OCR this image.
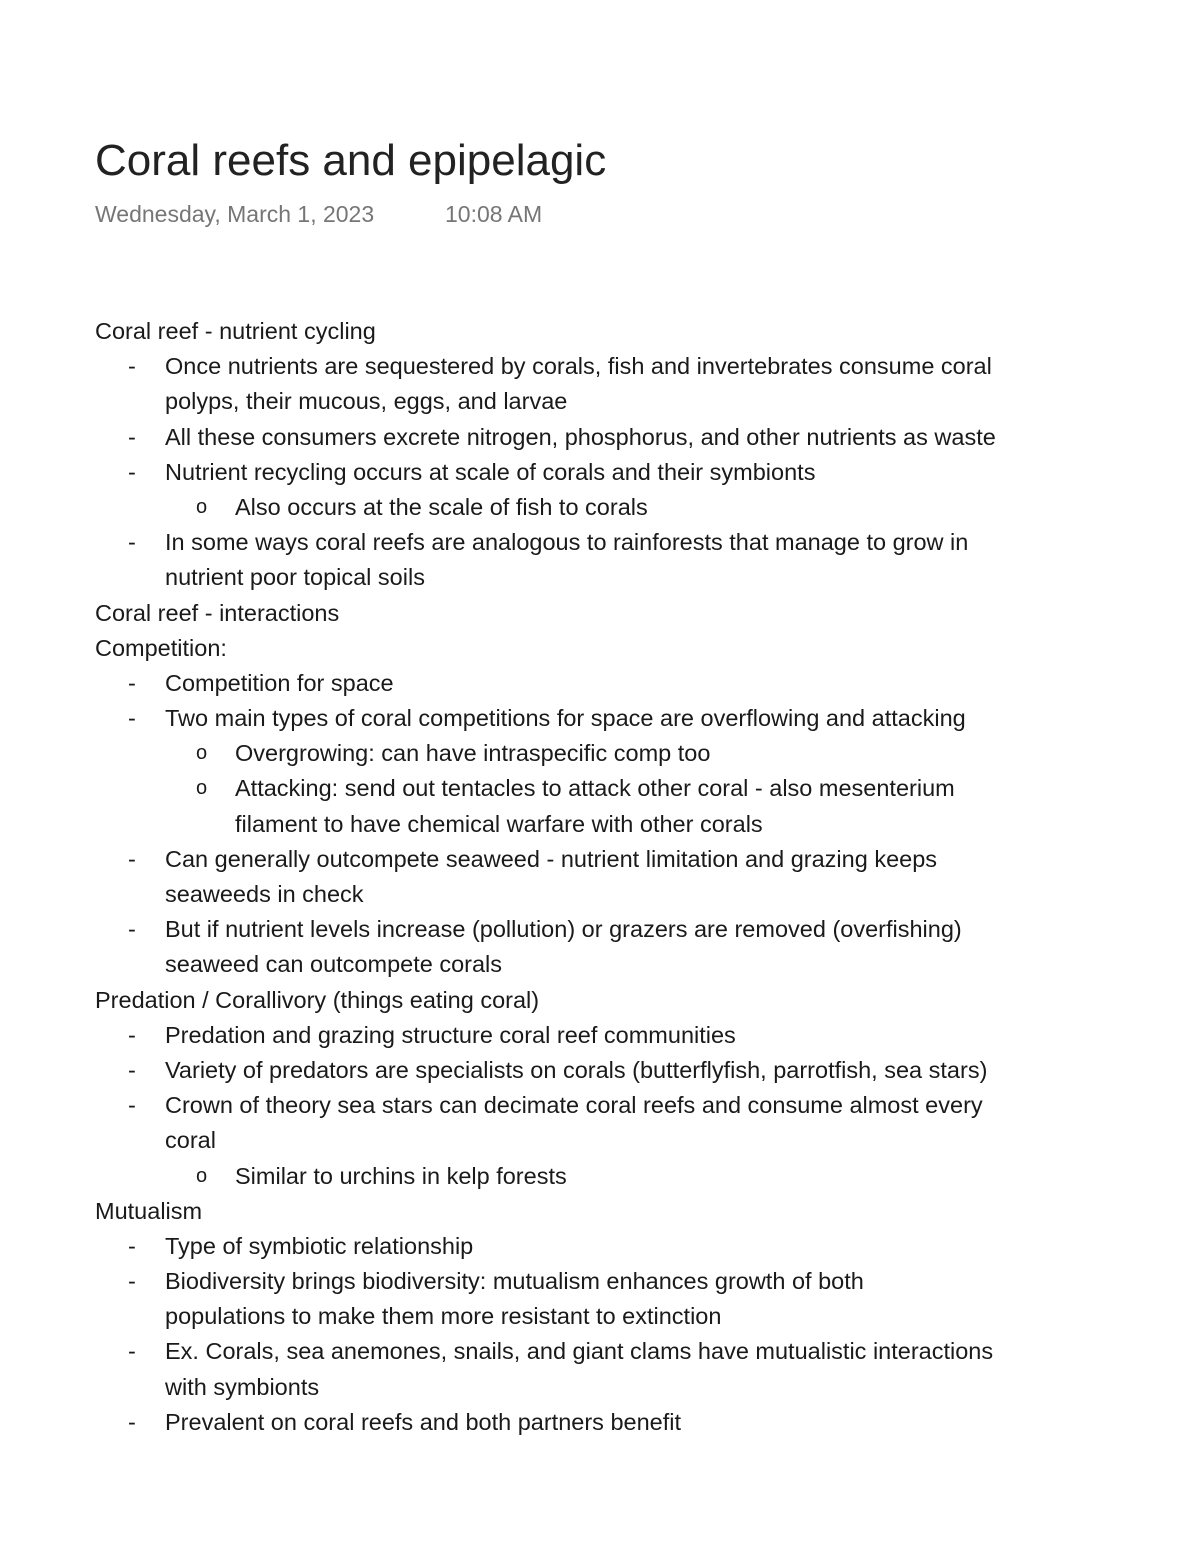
Coral reefs and epipelagic
Wednesday, March 1, 2023	10:08 AM
Coral reef - nutrient cycling
- Once nutrients are sequestered by corals, fish and invertebrates consume coral
polyps, their mucous, eggs, and larvae
- All these consumers excrete nitrogen, phosphorus, and other nutrients as waste
- Nutrient recycling occurs at scale of corals and their symbionts
o Also occurs at the scale of fish to corals
- In some ways coral reefs are analogous to rainforests that manage to grow in
nutrient poor topical soils
Coral reef - interactions
Competition:
- Competition for space
- Two main types of coral competitions for space are overflowing and attacking
o Overgrowing: can have intraspecific comp too
o Attacking: send out tentacles to attack other coral - also mesenterium
filament to have chemical warfare with other corals
- Can generally outcompete seaweed - nutrient limitation and grazing keeps
seaweeds in check
- But if nutrient levels increase (pollution) or grazers are removed (overfishing)
seaweed can outcompete corals
Predation / Corallivory (things eating coral)
- Predation and grazing structure coral reef communities
- Variety of predators are specialists on corals (butterflyfish, parrotfish, sea stars)
- Crown of theory sea stars can decimate coral reefs and consume almost every
coral
o Similar to urchins in kelp forests
Mutualism
- Type of symbiotic relationship
- Biodiversity brings biodiversity: mutualism enhances growth of both
populations to make them more resistant to extinction
- Ex. Corals, sea anemones, snails, and giant clams have mutualistic interactions
with symbionts
- Prevalent on coral reefs and both partners benefit
